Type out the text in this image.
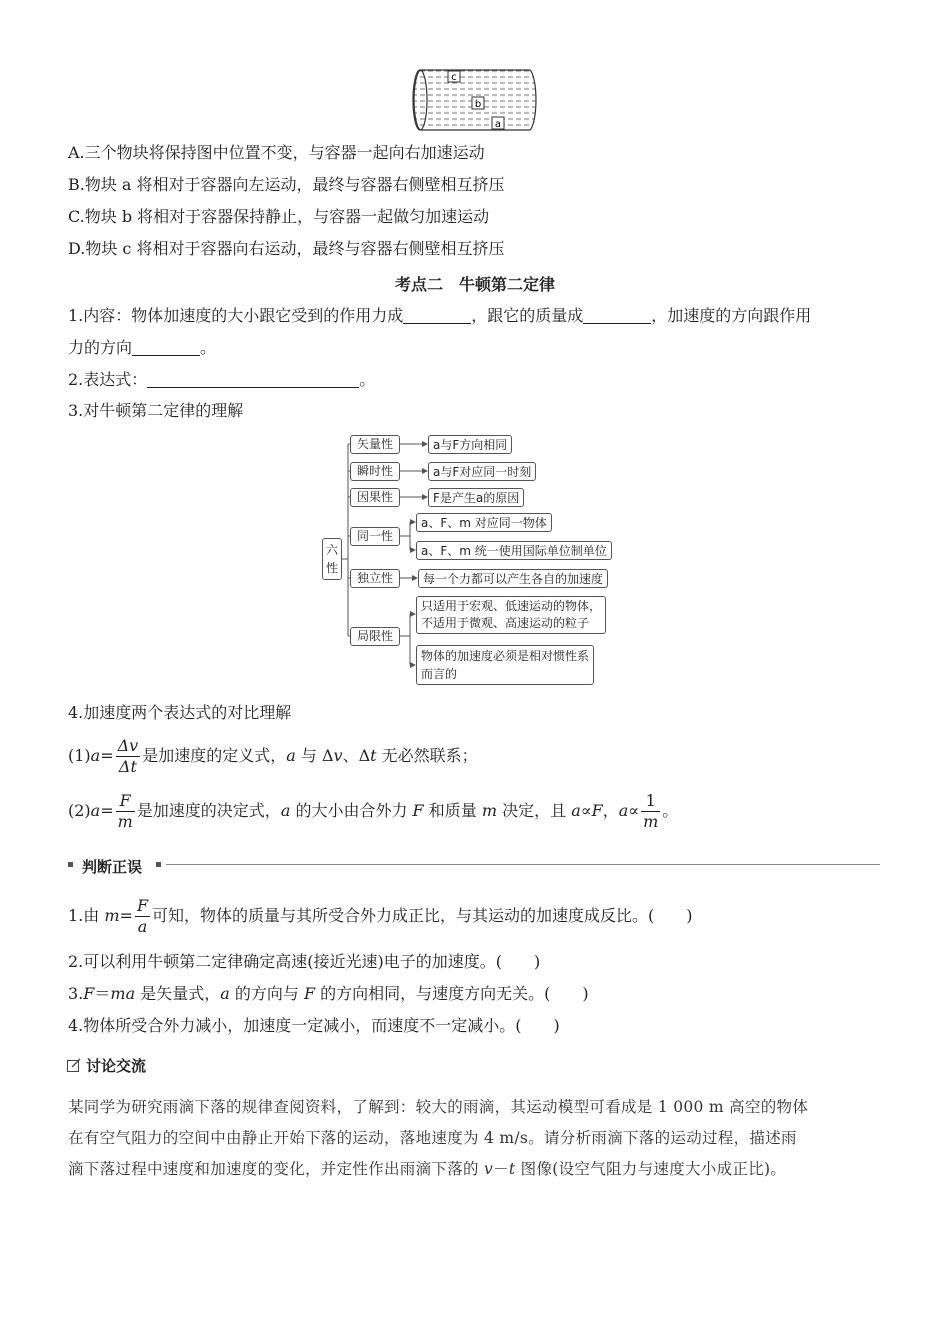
c
b
a
A.三个物块将保持图中位置不变，与容器一起向右加速运动
B.物块 a 将相对于容器向左运动，最终与容器右侧壁相互挤压
C.物块 b 将相对于容器保持静止，与容器一起做匀加速运动
D.物块 c 将相对于容器向右运动，最终与容器右侧壁相互挤压
考点二　牛顿第二定律
1.内容：物体加速度的大小跟它受到的作用力成	，跟它的质量成	，加速度的方向跟作用
力的方向	。
2.表达式：	。
3.对牛顿第二定律的理解
六性
矢量性
瞬时性
因果性
同一性
独立性
局限性
a与F方向相同
a与F对应同一时刻
F是产生a的原因
a、F、m 对应同一物体
a、F、m 统一使用国际单位制单位
每一个力都可以产生各自的加速度
只适用于宏观、低速运动的物体，
不适用于微观、高速运动的粒子
物体的加速度必须是相对惯性系
而言的
4.加速度两个表达式的对比理解
$(1)a= \frac{\Delta v}{\Delta t}$ 是加速度的定义式，a 与 Δv、Δt 无必然联系；
$(2)a= \frac{F}{m}$ 是加速度的决定式，a 的大小由合外力 F 和质量 m 决定，且 a∝F，$a\propto \frac{1}{m}$ 。
判断正误
1.由 $m= \frac{F}{a}$ 可知，物体的质量与其所受合外力成正比，与其运动的加速度成反比。(　　)
2.可以利用牛顿第二定律确定高速(接近光速)电子的加速度。(　　)
3.F＝ma 是矢量式，a 的方向与 F 的方向相同，与速度方向无关。(　　)
4.物体所受合外力减小，加速度一定减小，而速度不一定减小。(　　)
讨论交流
某同学为研究雨滴下落的规律查阅资料，了解到：较大的雨滴，其运动模型可看成是 1 000 m 高空的物体
在有空气阻力的空间中由静止开始下落的运动，落地速度为 4 m/s。请分析雨滴下落的运动过程，描述雨
滴下落过程中速度和加速度的变化，并定性作出雨滴下落的 v－t 图像(设空气阻力与速度大小成正比)。
